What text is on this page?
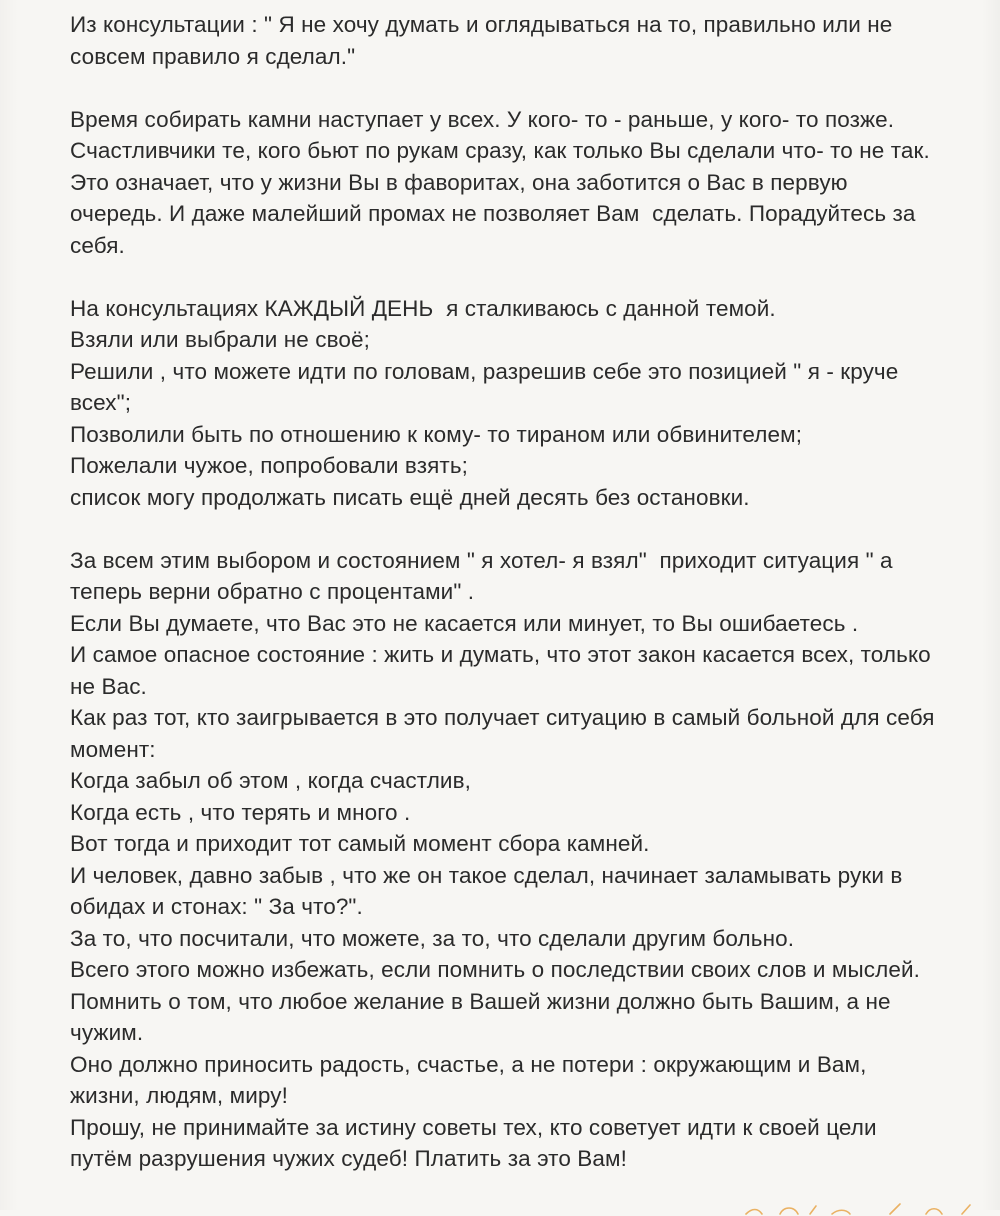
Из консультации : " Я не хочу думать и оглядываться на то, правильно или не
совсем правило я сделал."
Время собирать камни наступает у всех. У кого- то - раньше, у кого- то позже.
Счастливчики те, кого бьют по рукам сразу, как только Вы сделали что- то не так.
Это означает, что у жизни Вы в фаворитах, она заботится о Вас в первую
очередь. И даже малейший промах не позволяет Вам  сделать. Порадуйтесь за
себя.
На консультациях КАЖДЫЙ ДЕНЬ  я сталкиваюсь с данной темой.
Взяли или выбрали не своё;
Решили , что можете идти по головам, разрешив себе это позицией " я - круче
всех";
Позволили быть по отношению к кому- то тираном или обвинителем;
Пожелали чужое, попробовали взять;
список могу продолжать писать ещё дней десять без остановки.
За всем этим выбором и состоянием " я хотел- я взял"  приходит ситуация " а
теперь верни обратно с процентами" .
Если Вы думаете, что Вас это не касается или минует, то Вы ошибаетесь .
И самое опасное состояние : жить и думать, что этот закон касается всех, только
не Вас.
Как раз тот, кто заигрывается в это получает ситуацию в самый больной для себя
момент:
Когда забыл об этом , когда счастлив,
Когда есть , что терять и много .
Вот тогда и приходит тот самый момент сбора камней.
И человек, давно забыв , что же он такое сделал, начинает заламывать руки в
обидах и стонах: " За что?".
За то, что посчитали, что можете, за то, что сделали другим больно.
Всего этого можно избежать, если помнить о последствии своих слов и мыслей.
Помнить о том, что любое желание в Вашей жизни должно быть Вашим, а не
чужим.
Оно должно приносить радость, счастье, а не потери : окружающим и Вам,
жизни, людям, миру!
Прошу, не принимайте за истину советы тех, кто советует идти к своей цели
путём разрушения чужих судеб! Платить за это Вам!
